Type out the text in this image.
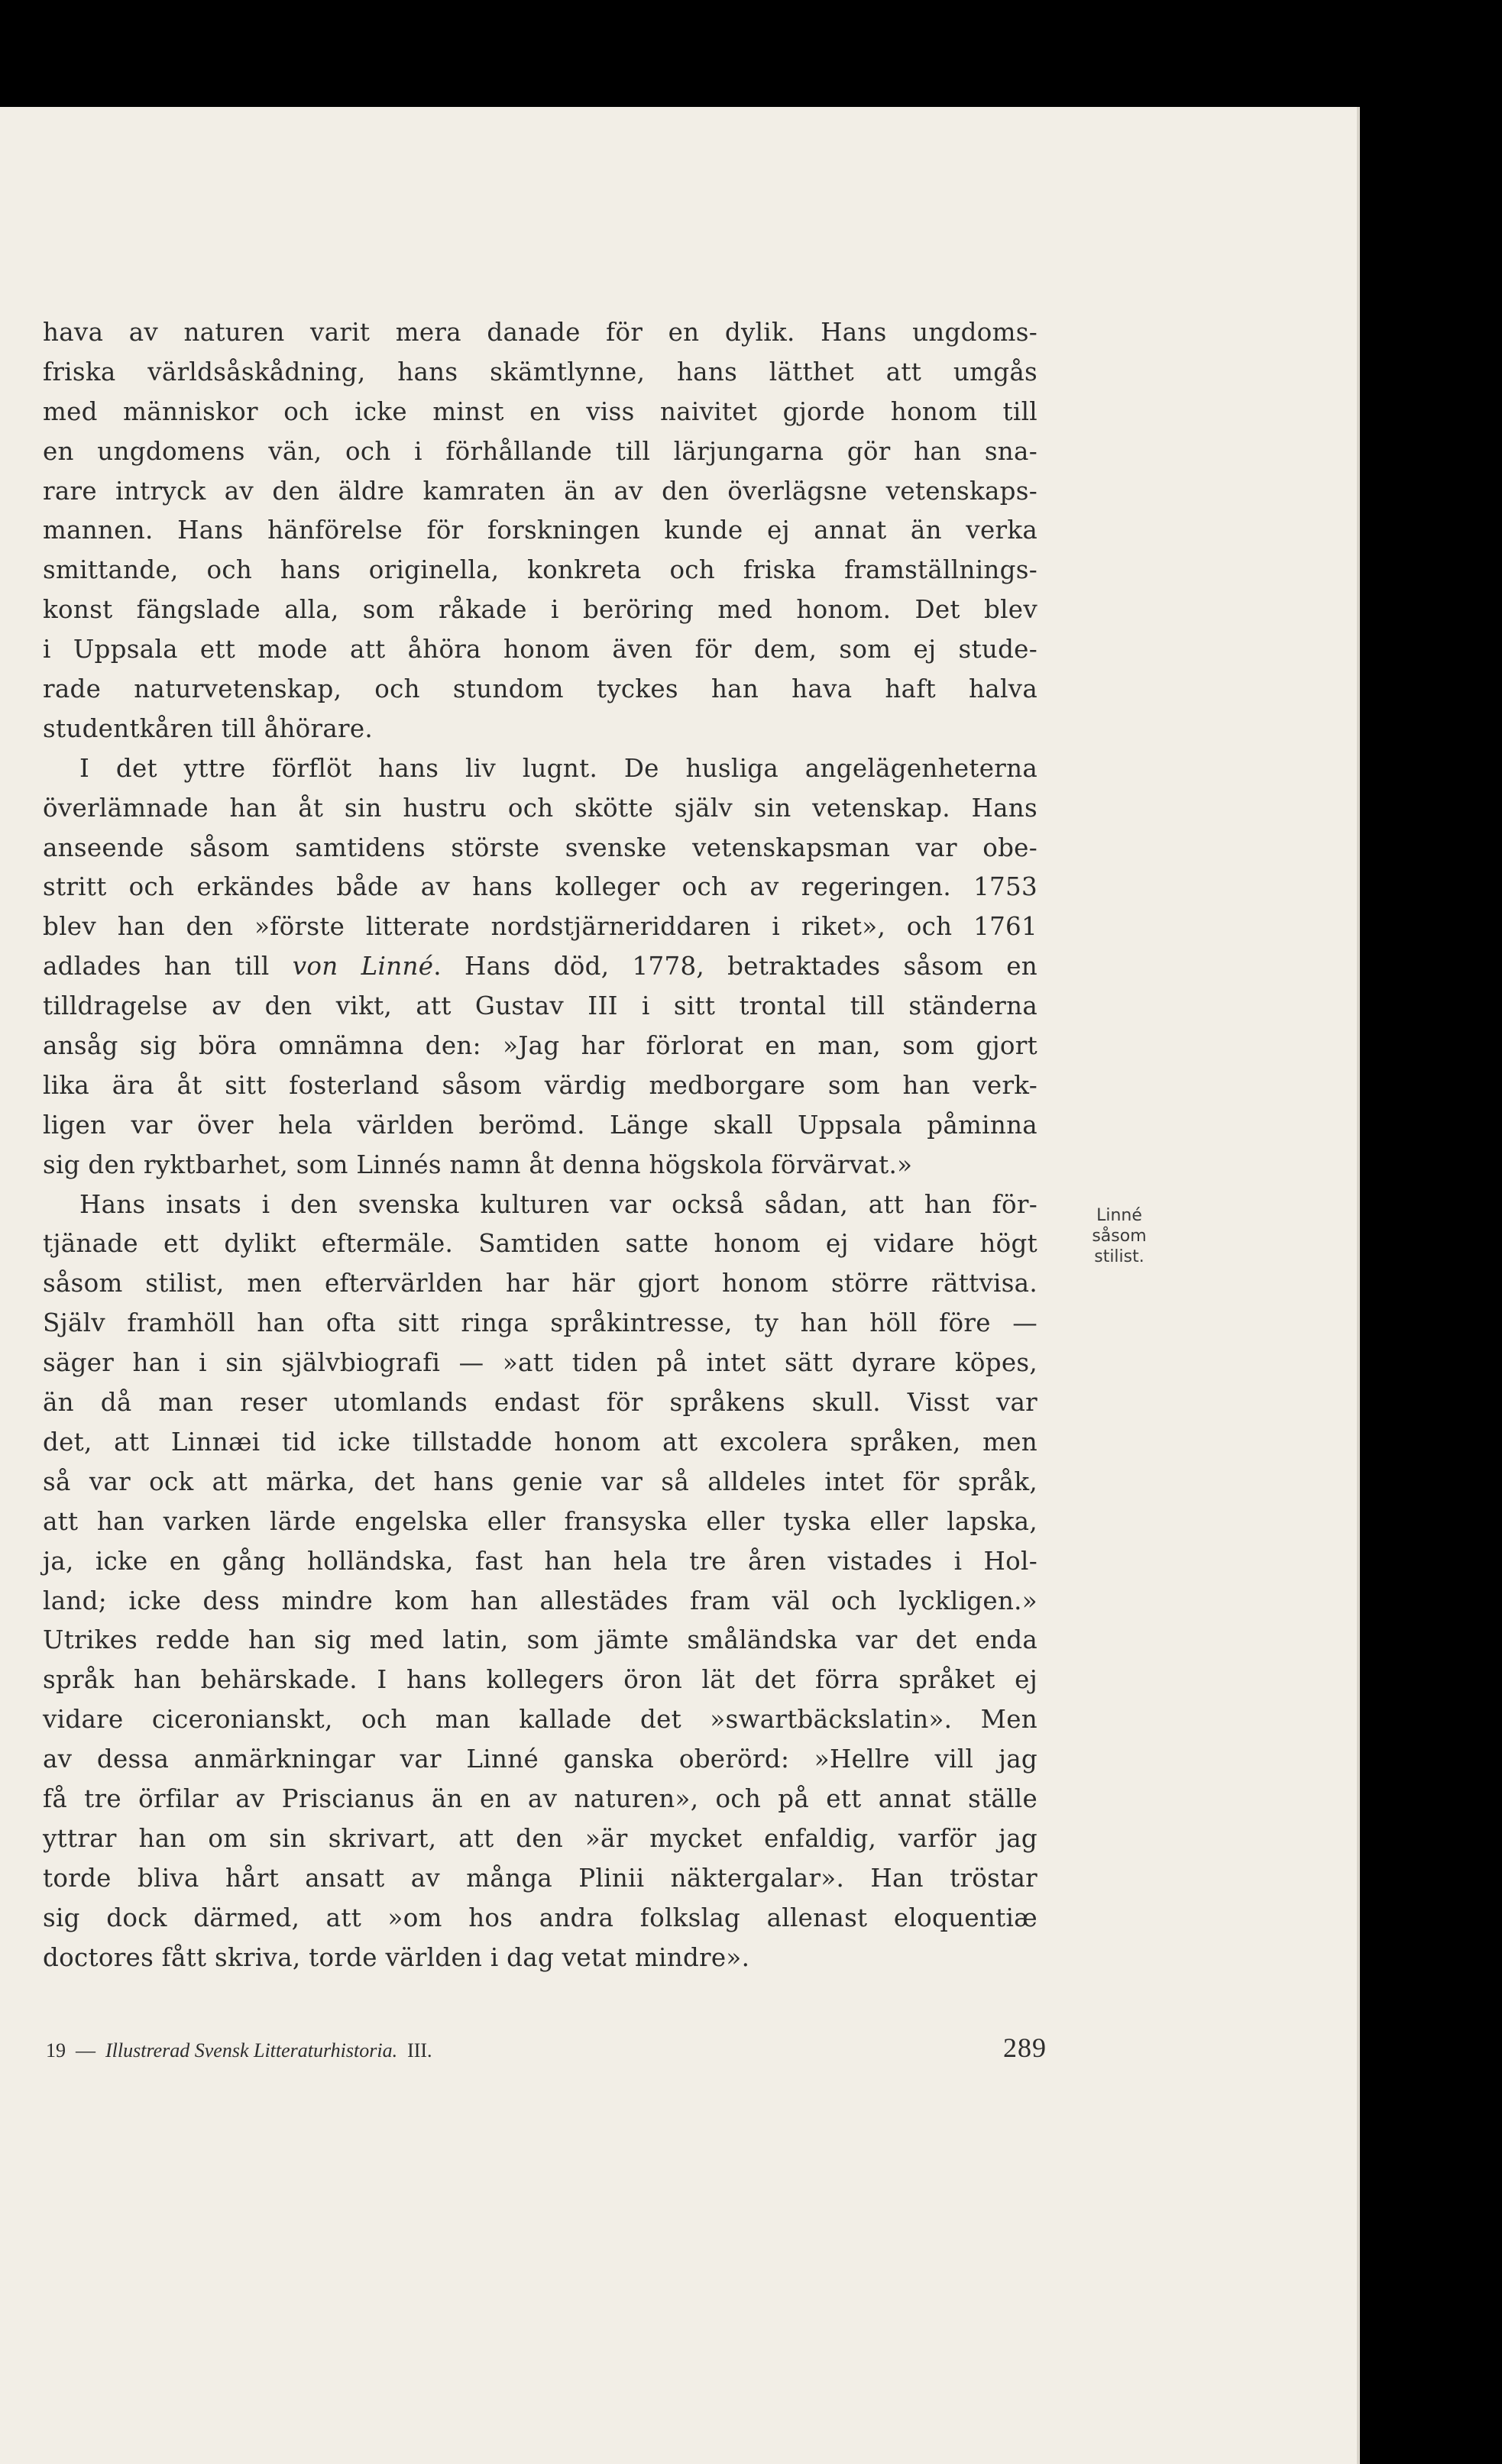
hava av naturen varit mera danade för en dylik. Hans ungdoms-
friska världsåskådning, hans skämtlynne, hans lätthet att umgås
med människor och icke minst en viss naivitet gjorde honom till
en ungdomens vän, och i förhållande till lärjungarna gör han sna-
rare intryck av den äldre kamraten än av den överlägsne vetenskaps-
mannen. Hans hänförelse för forskningen kunde ej annat än verka
smittande, och hans originella, konkreta och friska framställnings-
konst fängslade alla, som råkade i beröring med honom. Det blev
i Uppsala ett mode att åhöra honom även för dem, som ej stude-
rade naturvetenskap, och stundom tyckes han hava haft halva
studentkåren till åhörare.
I det yttre förflöt hans liv lugnt. De husliga angelägenheterna
överlämnade han åt sin hustru och skötte själv sin vetenskap. Hans
anseende såsom samtidens störste svenske vetenskapsman var obe-
stritt och erkändes både av hans kolleger och av regeringen. 1753
blev han den »förste litterate nordstjärneriddaren i riket», och 1761
adlades han till von Linné. Hans död, 1778, betraktades såsom en
tilldragelse av den vikt, att Gustav III i sitt trontal till ständerna
ansåg sig böra omnämna den: »Jag har förlorat en man, som gjort
lika ära åt sitt fosterland såsom värdig medborgare som han verk-
ligen var över hela världen berömd. Länge skall Uppsala påminna
sig den ryktbarhet, som Linnés namn åt denna högskola förvärvat.»
Hans insats i den svenska kulturen var också sådan, att han för-
tjänade ett dylikt eftermäle. Samtiden satte honom ej vidare högt
såsom stilist, men eftervärlden har här gjort honom större rättvisa.
Själv framhöll han ofta sitt ringa språkintresse, ty han höll före —
säger han i sin självbiografi — »att tiden på intet sätt dyrare köpes,
än då man reser utomlands endast för språkens skull. Visst var
det, att Linnæi tid icke tillstadde honom att excolera språken, men
så var ock att märka, det hans genie var så alldeles intet för språk,
att han varken lärde engelska eller fransyska eller tyska eller lapska,
ja, icke en gång holländska, fast han hela tre åren vistades i Hol-
land; icke dess mindre kom han allestädes fram väl och lyckligen.»
Utrikes redde han sig med latin, som jämte småländska var det enda
språk han behärskade. I hans kollegers öron lät det förra språket ej
vidare ciceronianskt, och man kallade det »swartbäckslatin». Men
av dessa anmärkningar var Linné ganska oberörd: »Hellre vill jag
få tre örfilar av Priscianus än en av naturen», och på ett annat ställe
yttrar han om sin skrivart, att den »är mycket enfaldig, varför jag
torde bliva hårt ansatt av många Plinii näktergalar». Han tröstar
sig dock därmed, att »om hos andra folkslag allenast eloquentiæ
doctores fått skriva, torde världen i dag vetat mindre».
Linné
såsom
stilist.
19 — Illustrerad Svensk Litteraturhistoria. III.	289
